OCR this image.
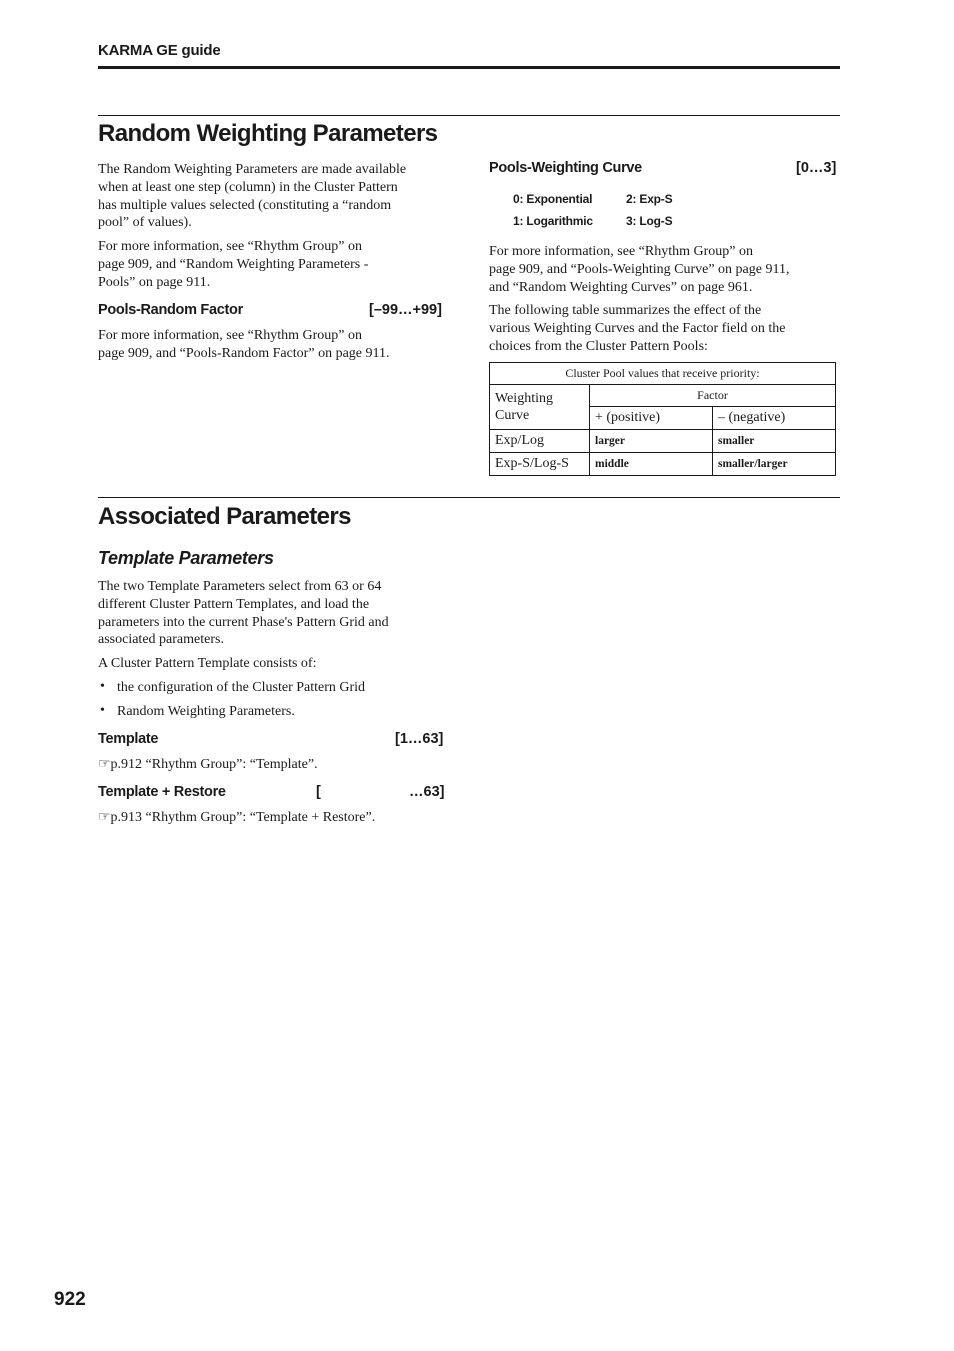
KARMA GE guide
Random Weighting Parameters
The Random Weighting Parameters are made available
when at least one step (column) in the Cluster Pattern
has multiple values selected (constituting a “random
pool” of values).
For more information, see “Rhythm Group” on
page 909, and “Random Weighting Parameters -
Pools” on page 911.
Pools-Random Factor	[–99…+99]
For more information, see “Rhythm Group” on
page 909, and “Pools-Random Factor” on page 911.
Pools-Weighting Curve	[0…3]
0: Exponential	2: Exp-S
1: Logarithmic	3: Log-S
For more information, see “Rhythm Group” on
page 909, and “Pools-Weighting Curve” on page 911,
and “Random Weighting Curves” on page 961.
The following table summarizes the effect of the
various Weighting Curves and the Factor field on the
choices from the Cluster Pattern Pools:
Cluster Pool values that receive priority:		
Weighting Curve	Factor	
	+ (positive)	– (negative)
Exp/Log	larger	smaller
Exp-S/Log-S	middle	smaller/larger
Associated Parameters
Template Parameters
The two Template Parameters select from 63 or 64
different Cluster Pattern Templates, and load the
parameters into the current Phase's Pattern Grid and
associated parameters.
A Cluster Pattern Template consists of:
• the configuration of the Cluster Pattern Grid
• Random Weighting Parameters.
Template	[1…63]
☞p.912 “Rhythm Group”: “Template”.
Template + Restore	[	…63]
☞p.913 “Rhythm Group”: “Template + Restore”.
922
